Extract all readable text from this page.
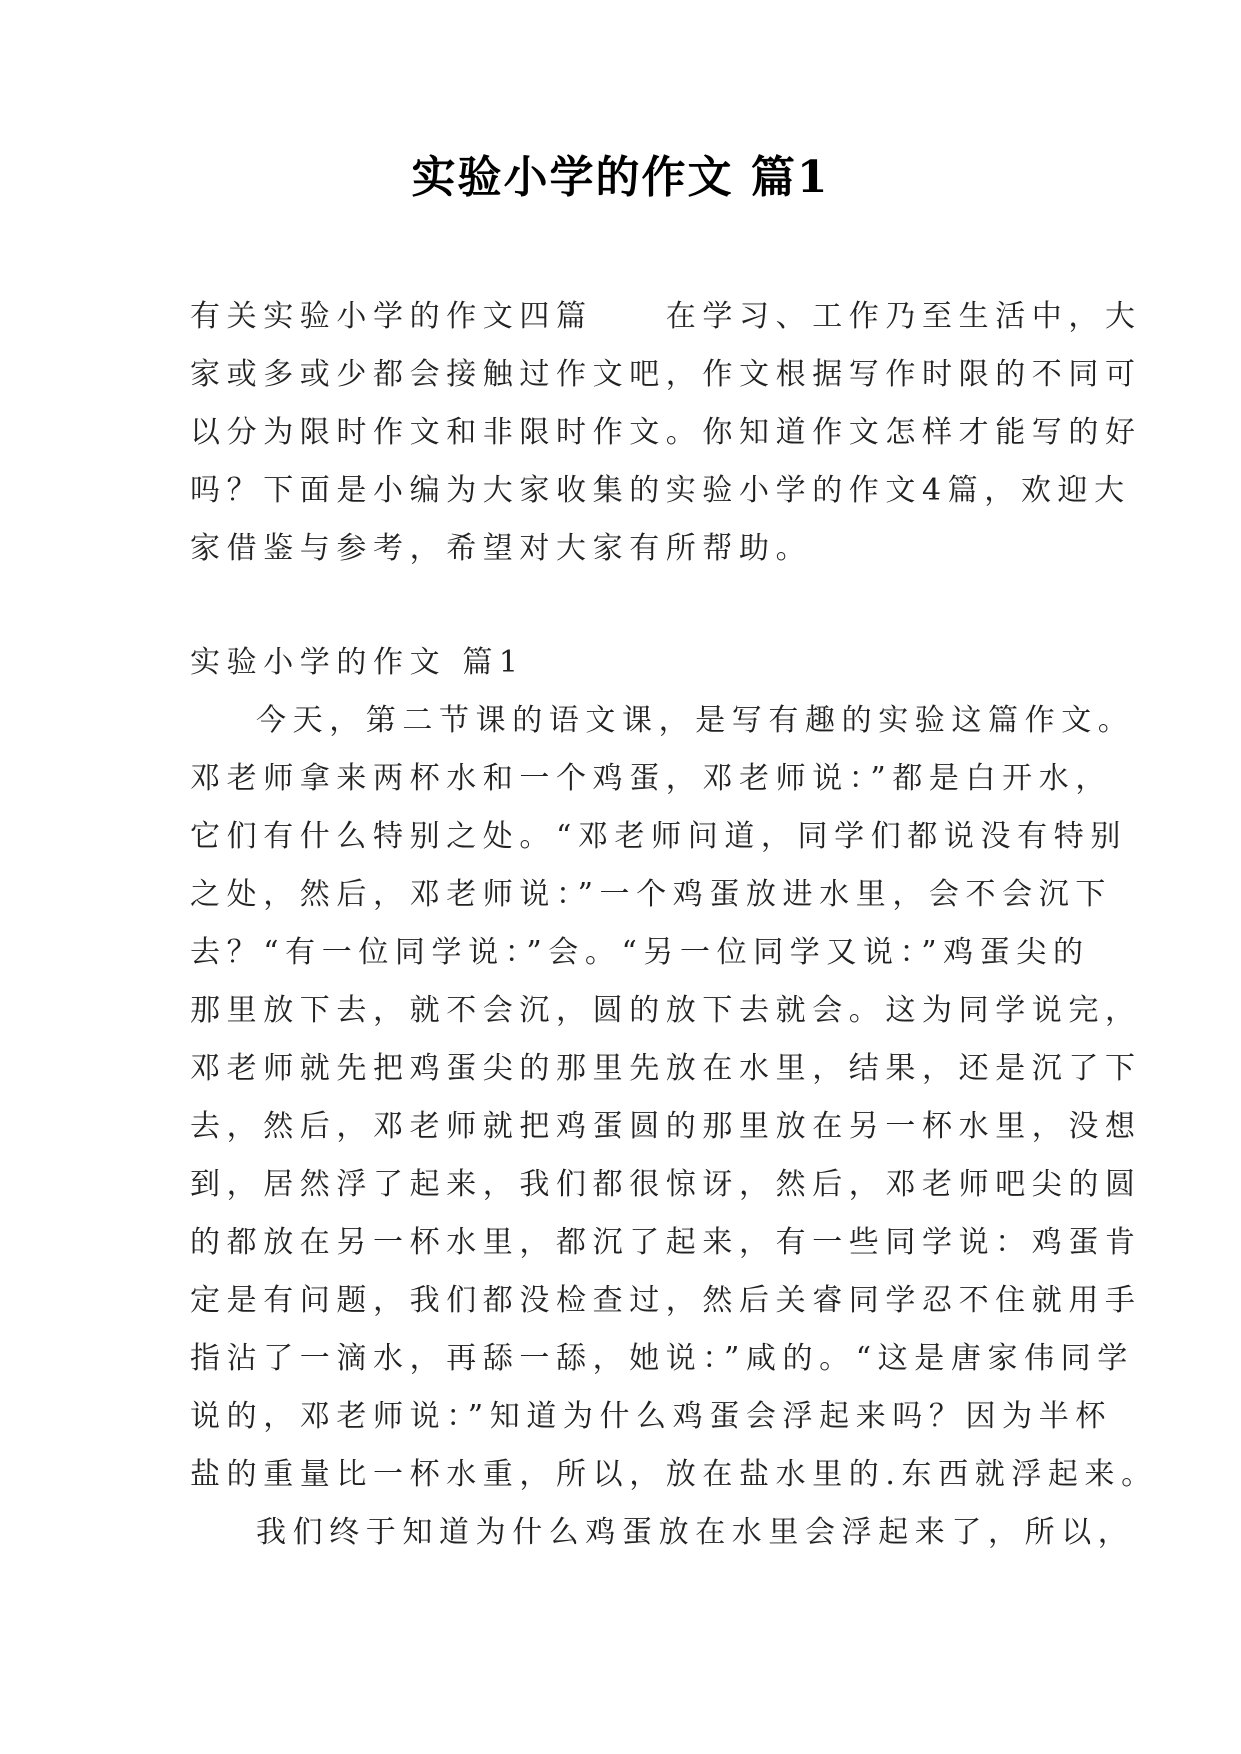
实验小学的作文 篇1
有关实验小学的作文四篇　　在学习、工作乃至生活中，大
家或多或少都会接触过作文吧，作文根据写作时限的不同可
以分为限时作文和非限时作文。你知道作文怎样才能写的好
吗？下面是小编为大家收集的实验小学的作文4篇，欢迎大
家借鉴与参考，希望对大家有所帮助。
实验小学的作文 篇1
今天，第二节课的语文课，是写有趣的实验这篇作文。
邓老师拿来两杯水和一个鸡蛋，邓老师说：”都是白开水，
它们有什么特别之处。“邓老师问道，同学们都说没有特别
之处，然后，邓老师说：”一个鸡蛋放进水里，会不会沉下
去？“有一位同学说：”会。“另一位同学又说：”鸡蛋尖的
那里放下去，就不会沉，圆的放下去就会。这为同学说完，
邓老师就先把鸡蛋尖的那里先放在水里，结果，还是沉了下
去，然后，邓老师就把鸡蛋圆的那里放在另一杯水里，没想
到，居然浮了起来，我们都很惊讶，然后，邓老师吧尖的圆
的都放在另一杯水里，都沉了起来，有一些同学说：鸡蛋肯
定是有问题，我们都没检查过，然后关睿同学忍不住就用手
指沾了一滴水，再舔一舔，她说：”咸的。“这是唐家伟同学
说的，邓老师说：”知道为什么鸡蛋会浮起来吗？因为半杯
盐的重量比一杯水重，所以，放在盐水里的.东西就浮起来。
我们终于知道为什么鸡蛋放在水里会浮起来了，所以，
